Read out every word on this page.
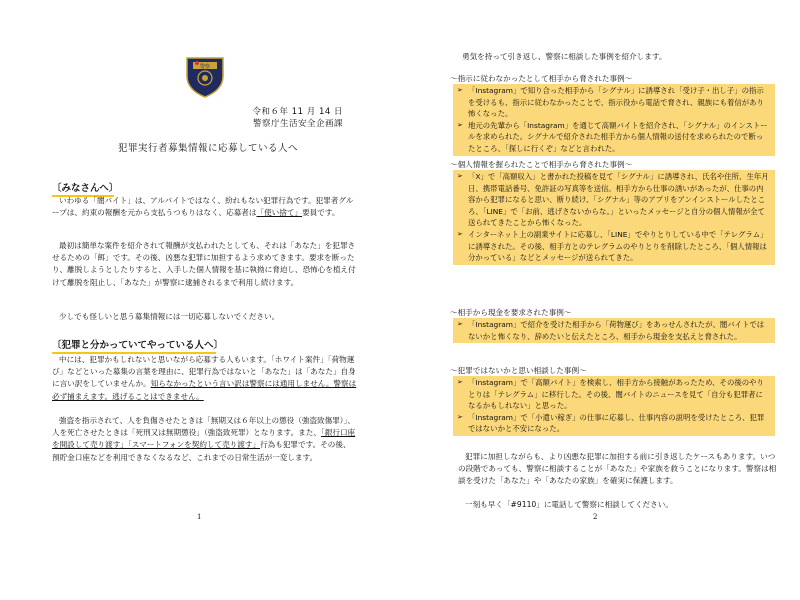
警察
令和６年 11 月 14 日
警察庁生活安全企画課
犯罪実行者募集情報に応募している人へ
〔みなさんへ〕

いわゆる「闇バイト」は、アルバイトではなく、紛れもない犯罪行為です。犯罪者グループは、約束の報酬を元から支払うつもりはなく、応募者は「使い捨て」要員です。

最初は簡単な案件を紹介されて報酬が支払われたとしても、それは「あなた」を犯罪させるための「餌」です。その後、凶悪な犯罪に加担するよう求めてきます。要求を断ったり、離脱しようとしたりすると、入手した個人情報を基に執拗に脅迫し、恐怖心を植え付けて離脱を阻止し、「あなた」が警察に逮捕されるまで利用し続けます。

少しでも怪しいと思う募集情報には一切応募しないでください。

〔犯罪と分かっていてやっている人へ〕

中には、犯罪かもしれないと思いながら応募する人もいます。「ホワイト案件」「荷物運び」などといった募集の言葉を理由に、犯罪行為ではないと「あなた」は「あなた」自身に言い訳をしていませんか。知らなかったという言い訳は警察には通用しません。警察は必ず捕まえます。逃げることはできません。

強盗を指示されて、人を負傷させたときは「無期又は６年以上の懲役（強盗致傷罪）」、人を死亡させたときは「死刑又は無期懲役」（強盗致死罪）となります。また、「銀行口座を開設して売り渡す」「スマートフォンを契約して売り渡す」行為も犯罪です。その後、預貯金口座などを利用できなくなるなど、これまでの日常生活が一変します。

1
勇気を持って引き返し、警察に相談した事例を紹介します。
～指示に従わなかったとして相手から脅された事例～
➢ 「Instagram」で知り合った相手から「シグナル」に誘導され「受け子・出し子」の指示を受けるも、指示に従わなかったことで、指示役から電話で脅され、親族にも着信があり怖くなった。
➢ 地元の先輩から「Instagram」を通じて高額バイトを紹介され、「シグナル」のインストールを求められた。シグナルで紹介された相手方から個人情報の送付を求められたので断ったところ、「探しに行くぞ」などと言われた。
～個人情報を握られたことで相手から脅された事例～
➢ 「X」で「高額収入」と書かれた投稿を見て「シグナル」に誘導され、氏名や住所、生年月日、携帯電話番号、免許証の写真等を送信。相手方から仕事の誘いがあったが、仕事の内容から犯罪になると思い、断り続け、「シグナル」等のアプリをアンインストールしたところ、「LINE」で「お前、逃げさないからな。」といったメッセージと自分の個人情報が全て送られてきたことから怖くなった。
➢ インターネット上の副業サイトに応募し、「LINE」でやりとりしている中で「テレグラム」に誘導された。その後、相手方とのテレグラムのやりとりを削除したところ、「個人情報は分かっている」などとメッセージが送られてきた。
～相手から現金を要求された事例～
➢ 「Instagram」で紹介を受けた相手から「荷物運び」をあっせんされたが、闇バイトではないかと怖くなり、辞めたいと伝えたところ、相手から現金を支払えと脅された。
～犯罪ではないかと思い相談した事例～
➢ 「Instagram」で「高額バイト」を検索し、相手方から接触があったため、その後のやりとりは「テレグラム」に移行した。その後、闇バイトのニュースを見て「自分も犯罪者になるかもしれない」と思った。
➢ 「Instagram」で「小遣い稼ぎ」の仕事に応募し、仕事内容の説明を受けたところ、犯罪ではないかと不安になった。

犯罪に加担しながらも、より凶悪な犯罪に加担する前に引き返したケースもあります。いつの段階であっても、警察に相談することが「あなた」や家族を救うことになります。警察は相談を受けた「あなた」や「あなたの家族」を確実に保護します。

一刻も早く「#9110」に電話して警察に相談してください。

2
